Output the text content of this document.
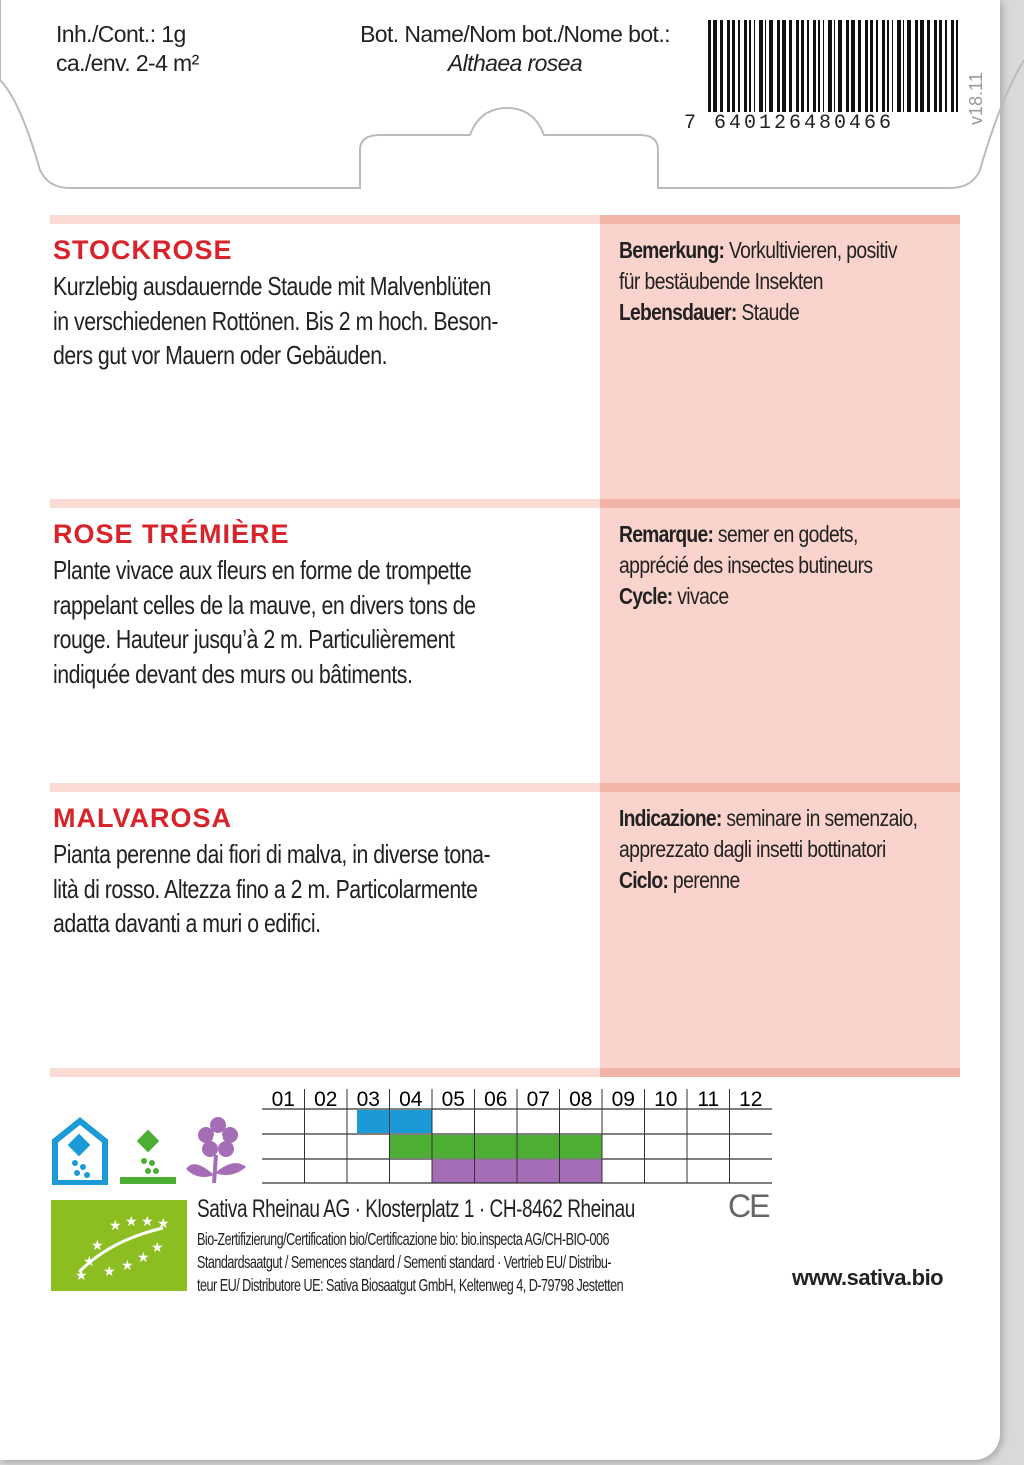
Inh./Cont.: 1g
ca./env. 2-4 m²
Bot. Name/Nom bot./Nome bot.:
Althaea rosea
7 640126480466	v18.11
STOCKROSE
Kurzlebig ausdauernde Staude mit Malvenblüten
in verschiedenen Rottönen. Bis 2 m hoch. Beson-
ders gut vor Mauern oder Gebäuden.
Bemerkung: Vorkultivieren, positiv
für bestäubende Insekten
Lebensdauer: Staude
ROSE TRÉMIÈRE
Plante vivace aux fleurs en forme de trompette
rappelant celles de la mauve, en divers tons de
rouge. Hauteur jusqu’à 2 m. Particulièrement
indiquée devant des murs ou bâtiments.
Remarque: semer en godets,
apprécié des insectes butineurs
Cycle: vivace
MALVAROSA
Pianta perenne dai fiori di malva, in diverse tona-
lità di rosso. Altezza fino a 2 m. Particolarmente
adatta davanti a muri o edifici.
Indicazione: seminare in semenzaio,
apprezzato dagli insetti bottinatori
Ciclo: perenne
01 02 03 04 05 06 07 08 09 10 11 12
★ ★ ★ ★
★
★
★ ★ ★ ★
★
Sativa Rheinau AG · Klosterplatz 1 · CH-8462 Rheinau	CE
Bio-Zertifizierung/Certification bio/Certificazione bio: bio.inspecta AG/CH-BIO-006
Standardsaatgut / Semences standard / Sementi standard · Vertrieb EU/ Distribu-
teur EU/ Distributore UE: Sativa Biosaatgut GmbH, Keltenweg 4, D-79798 Jestetten	www.sativa.bio
